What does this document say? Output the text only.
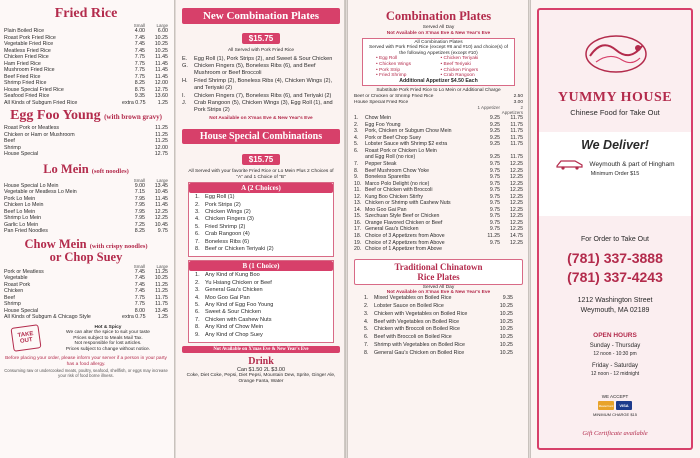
Fried Rice
Small	Large
Plain Boiled Rice	4.00	6.00
Roast Pork Fried Rice	7.45	10.25
Vegetable Fried Rice	7.45	10.25
Meatless Fried Rice	7.45	10.25
Chicken Fried Rice	7.75	11.45
Ham Fried Rice	7.75	11.45
Mushroom Fried Rice	7.75	11.45
Beef Fried Rice	7.75	11.45
Shrimp Fried Rice	8.25	12.00
House Special Fried Rice	8.75	12.75
Seafood Fried Rice	9.35	13.60
All Kinds of Subgum Fried Rice	extra 0.75	1.25
Egg Foo Young (with brown gravy)
Roast Pork or Meatless	11.25
Chicken or Ham or Mushroom	11.25
Beef	11.25
Shrimp	12.00
House Special	12.75
Lo Mein (soft noodles)
Small	Large
House Special Lo Mein	9.00	13.45
Vegetable or Meatless Lo Mein	7.15	10.45
Pork Lo Mein	7.95	11.45
Chicken Lo Mein	7.95	11.45
Beef Lo Mein	7.95	12.25
Shrimp Lo Mein	7.95	12.25
Garlic Lo Mein	7.25	10.45
Pan Fried Noodles	8.25	9.75
Chow Mein (with crispy noodles)
or Chop Suey
Small	Large
Pork or Meatless	7.45	11.25
Vegetable	7.45	10.25
Roast Pork	7.45	11.25
Chicken	7.45	11.25
Beef	7.75	11.75
Shrimp	7.75	11.75
House Special	8.00	13.45
All Kinds of Subgum & Chicago Style	extra 0.75	1.25
TAKE OUT
Hot & Spicy
We can alter the spice to suit your taste
Prices subject to Meals Mail Tax.
Not responsible for lost articles.
Prices subject to change without notice.
Before placing your order, please inform your server if a person in your party has a food allergy.
Consuming raw or undercooked meats, poultry, seafood, shellfish, or eggs may increase your risk of food borne illness.
New Combination Plates
$15.75
All Served with Pork Fried Rice
E.	Egg Roll (1), Pork Strips (2), and Sweet & Sour Chicken
G.	Chicken Fingers (5), Boneless Ribs (6), and Beef Mushroom or Beef Broccoli
H.	Fried Shrimp (2), Boneless Ribs (4), Chicken Wings (2), and Teriyaki (2)
I.	Chicken Fingers (7), Boneless Ribs (6), and Teriyaki (2)
J.	Crab Rangoon (5), Chicken Wings (3), Egg Roll (1), and Pork Strips (2)
Not Available on X'mas Eve & New Year's Eve
House Special Combinations
$15.75
All Served with your favorite Fried Rice or Lo Mein Plus 2 Choices of "A" and 1 Choice of "B"
A (2 Choices)
1. Egg Roll (1)
2. Pork Strips (2)
3. Chicken Wings (2)
4. Chicken Fingers (3)
5. Fried Shrimp (2)
6. Crab Rangoon (4)
7. Boneless Ribs (6)
8. Beef or Chicken Teriyaki (2)
B (1 Choice)
1. Any Kind of Kung Boo
2. Yu Hsiang Chicken or Beef
3. General Gau's Chicken
4. Moo Goo Gai Pan
5. Any Kind of Egg Foo Young
6. Sweet & Sour Chicken
7. Chicken with Cashew Nuts
8. Any Kind of Chow Mein
9. Any Kind of Chop Suey
Not Available on X'mas Eve & New Year's Eve
Drink
Can $1.50 2L $3.00
Coke, Diet Coke, Pepsi, Diet Pepsi, Mountain Dew, Sprite, Ginger Ale, Orange Fanta, Water
Combination Plates
Served All Day
Not Available on X'mas Eve & New Year's Eve
All Combination Plates
Served with Pork Fried Rice (except #8 and #10) and choice(s) of the following Appetizers (except #10)
• Egg Roll	• Chicken Teriyaki
• Chicken Wings	• Beef Teriyaki
• Pork Strip	• Chicken Fingers
• Fried Shrimp	• Crab Rangoon
Additional Appetizer $4.50 Each
Substitute Pork Fried Rice to Lo Mein or Additional Charge
Beef or Chicken or Shrimp Fried Rice	2.50
House Special Fried Rice	3.00
1 Appetizer	2 Appetizers
1.	Chow Mein	9.25	11.75
2.	Egg Foo Young	9.25	11.75
3.	Pork, Chicken or Subgum Chow Mein	9.25	11.75
4.	Pork or Beef Chop Suey	9.25	11.75
5.	Lobster Sauce with Shrimp $2 extra	9.25	11.75
6.	Roast Pork or Chicken Lo Mein
and Egg Roll (no rice)	9.25	11.75
7.	Pepper Steak	9.75	12.25
8.	Beef Mushroom Chow Yoke	9.75	12.25
9.	Boneless Spareribs	9.75	12.25
10. Marco Polo Delight (no rice)	9.75	12.25
11. Beef or Chicken with Broccoli	9.75	12.25
12. Kung Boo Chicken Stirfry	9.75	12.25
13. Chicken or Shrimp with Cashew Nuts	9.75	12.25
14. Moo Goo Gai Pan	9.75	12.25
15. Szechuan Style Beef or Chicken	9.75	12.25
16. Orange Flavored Chicken or Beef	9.75	12.25
17. General Gau's Chicken	9.75	12.25
18. Choice of 3 Appetizers from Above	11.25	14.75
19. Choice of 2 Appetizers from Above	9.75	12.25
20. Choice of 1 Appetizer from Above
Traditional Chinatown
Rice Plates
Served All Day
Not Available on X'mas Eve & New Year's Eve
1.	Mixed Vegetables on Boiled Rice	9.35
2.	Lobster Sauce on Boiled Rice	10.25
3.	Chicken with Vegetables on Boiled Rice	10.25
4.	Beef with Vegetables on Boiled Rice	10.25
5.	Chicken with Broccoli on Boiled Rice	10.25
6.	Beef with Broccoli on Boiled Rice	10.25
7.	Shrimp with Vegetables on Boiled Rice	10.25
8.	General Gau's Chicken on Boiled Rice	10.25
YUMMY HOUSE
Chinese Food for Take Out
We Deliver!
Weymouth & part of Hingham
Minimum Order $15
For Order to Take Out
(781) 337-3888
(781) 337-4243
1212 Washington Street
Weymouth, MA 02189
OPEN HOURS
Sunday - Thursday
12 noon - 10:30 pm
Friday - Saturday
12 noon - 12 midnight
WE ACCEPT
MasterCard	VISA
MINIMUM CHARGE $15
Gift Certificate available
